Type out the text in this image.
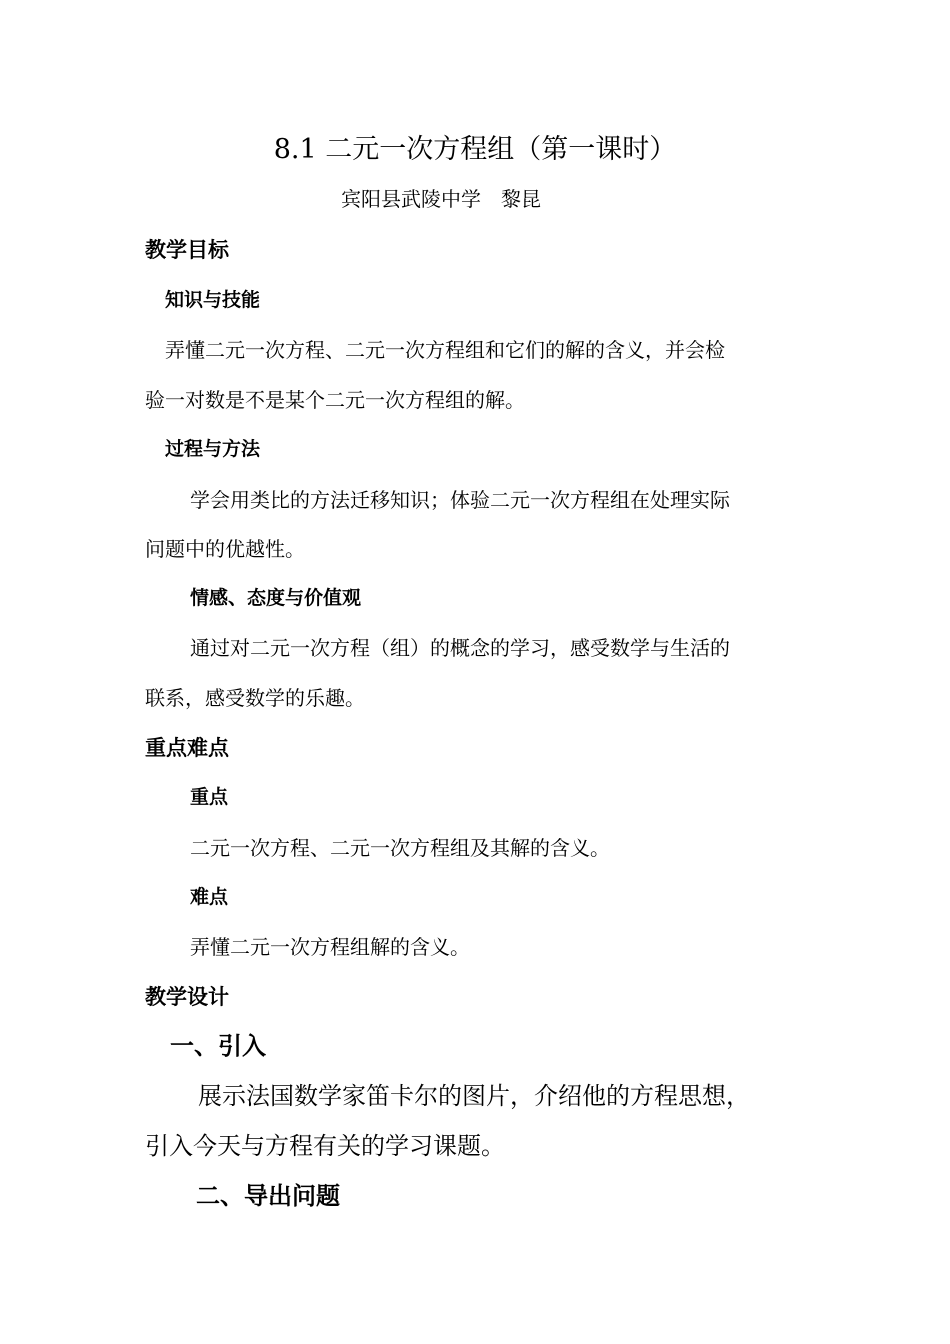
8.1 二元一次方程组（第一课时）
宾阳县武陵中学　黎昆
教学目标
知识与技能
弄懂二元一次方程、二元一次方程组和它们的解的含义，并会检
验一对数是不是某个二元一次方程组的解。
过程与方法
学会用类比的方法迁移知识；体验二元一次方程组在处理实际
问题中的优越性。
情感、态度与价值观
通过对二元一次方程（组）的概念的学习，感受数学与生活的
联系，感受数学的乐趣。
重点难点
重点
二元一次方程、二元一次方程组及其解的含义。
难点
弄懂二元一次方程组解的含义。
教学设计
一、引入
展示法国数学家笛卡尔的图片，介绍他的方程思想，
引入今天与方程有关的学习课题。
二、导出问题
